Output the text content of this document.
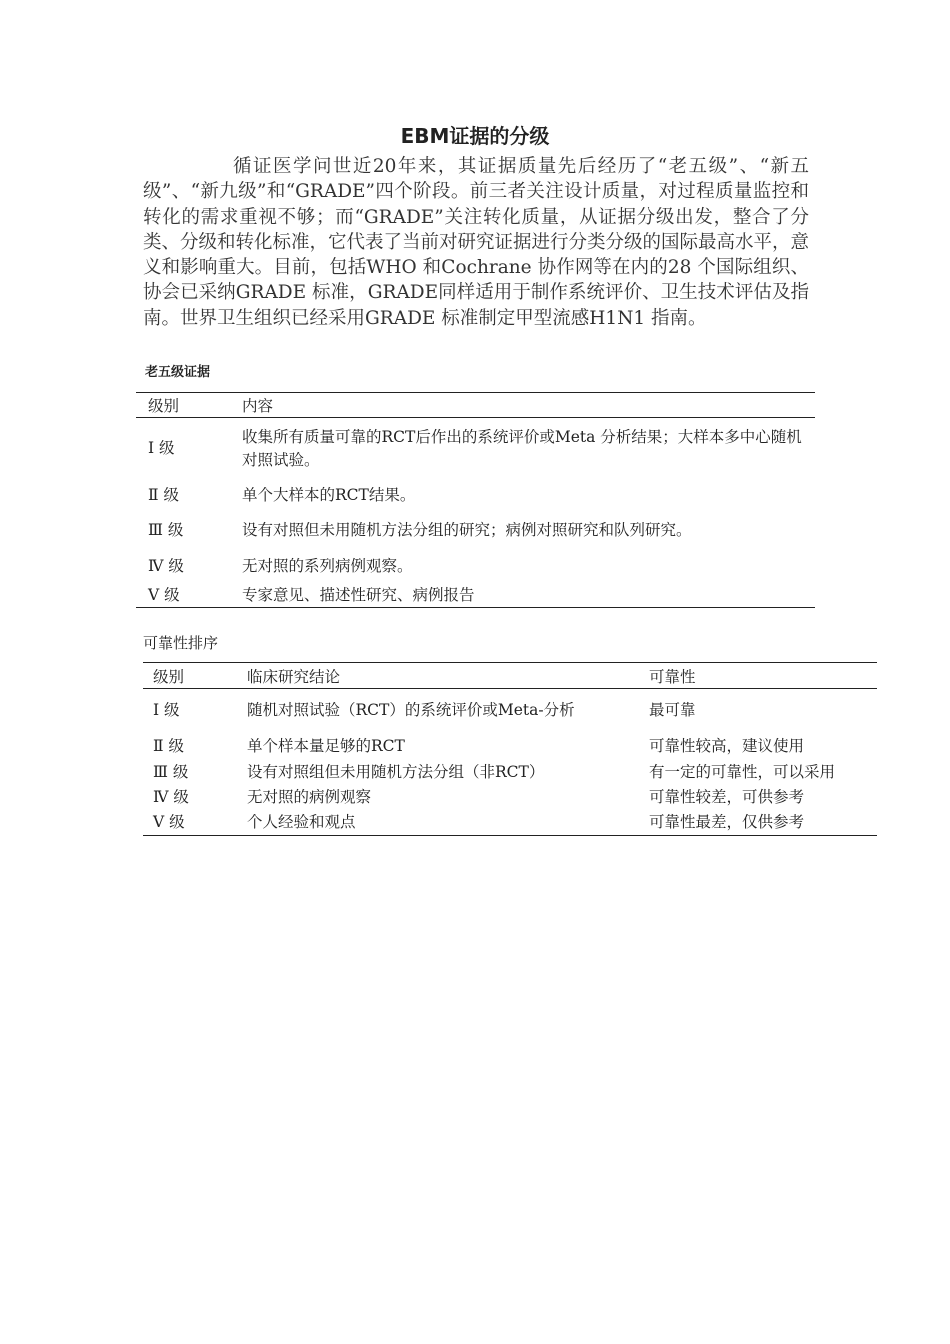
EBM证据的分级

循证医学问世近20年来，其证据质量先后经历了“老五级”、“新五级”、“新九级”和“GRADE”四个阶段。前三者关注设计质量，对过程质量监控和转化的需求重视不够；而“GRADE”关注转化质量，从证据分级出发，整合了分类、分级和转化标准，它代表了当前对研究证据进行分类分级的国际最高水平，意义和影响重大。目前，包括WHO 和Cochrane 协作网等在内的28 个国际组织、协会已采纳GRADE 标准，GRADE同样适用于制作系统评价、卫生技术评估及指南。世界卫生组织已经采用GRADE 标准制定甲型流感H1N1 指南。

老五级证据
级别	内容
Ⅰ 级	收集所有质量可靠的RCT后作出的系统评价或Meta 分析结果；大样本多中心随机对照试验。
Ⅱ 级	单个大样本的RCT结果。
Ⅲ 级	设有对照但未用随机方法分组的研究；病例对照研究和队列研究。
Ⅳ 级	无对照的系列病例观察。
Ⅴ 级	专家意见、描述性研究、病例报告
可靠性排序
级别	临床研究结论	可靠性
Ⅰ 级	随机对照试验（RCT）的系统评价或Meta-分析	最可靠
Ⅱ 级	单个样本量足够的RCT	可靠性较高，建议使用
Ⅲ 级	设有对照组但未用随机方法分组（非RCT）	有一定的可靠性，可以采用
Ⅳ 级	无对照的病例观察	可靠性较差，可供参考
Ⅴ 级	个人经验和观点	可靠性最差，仅供参考
